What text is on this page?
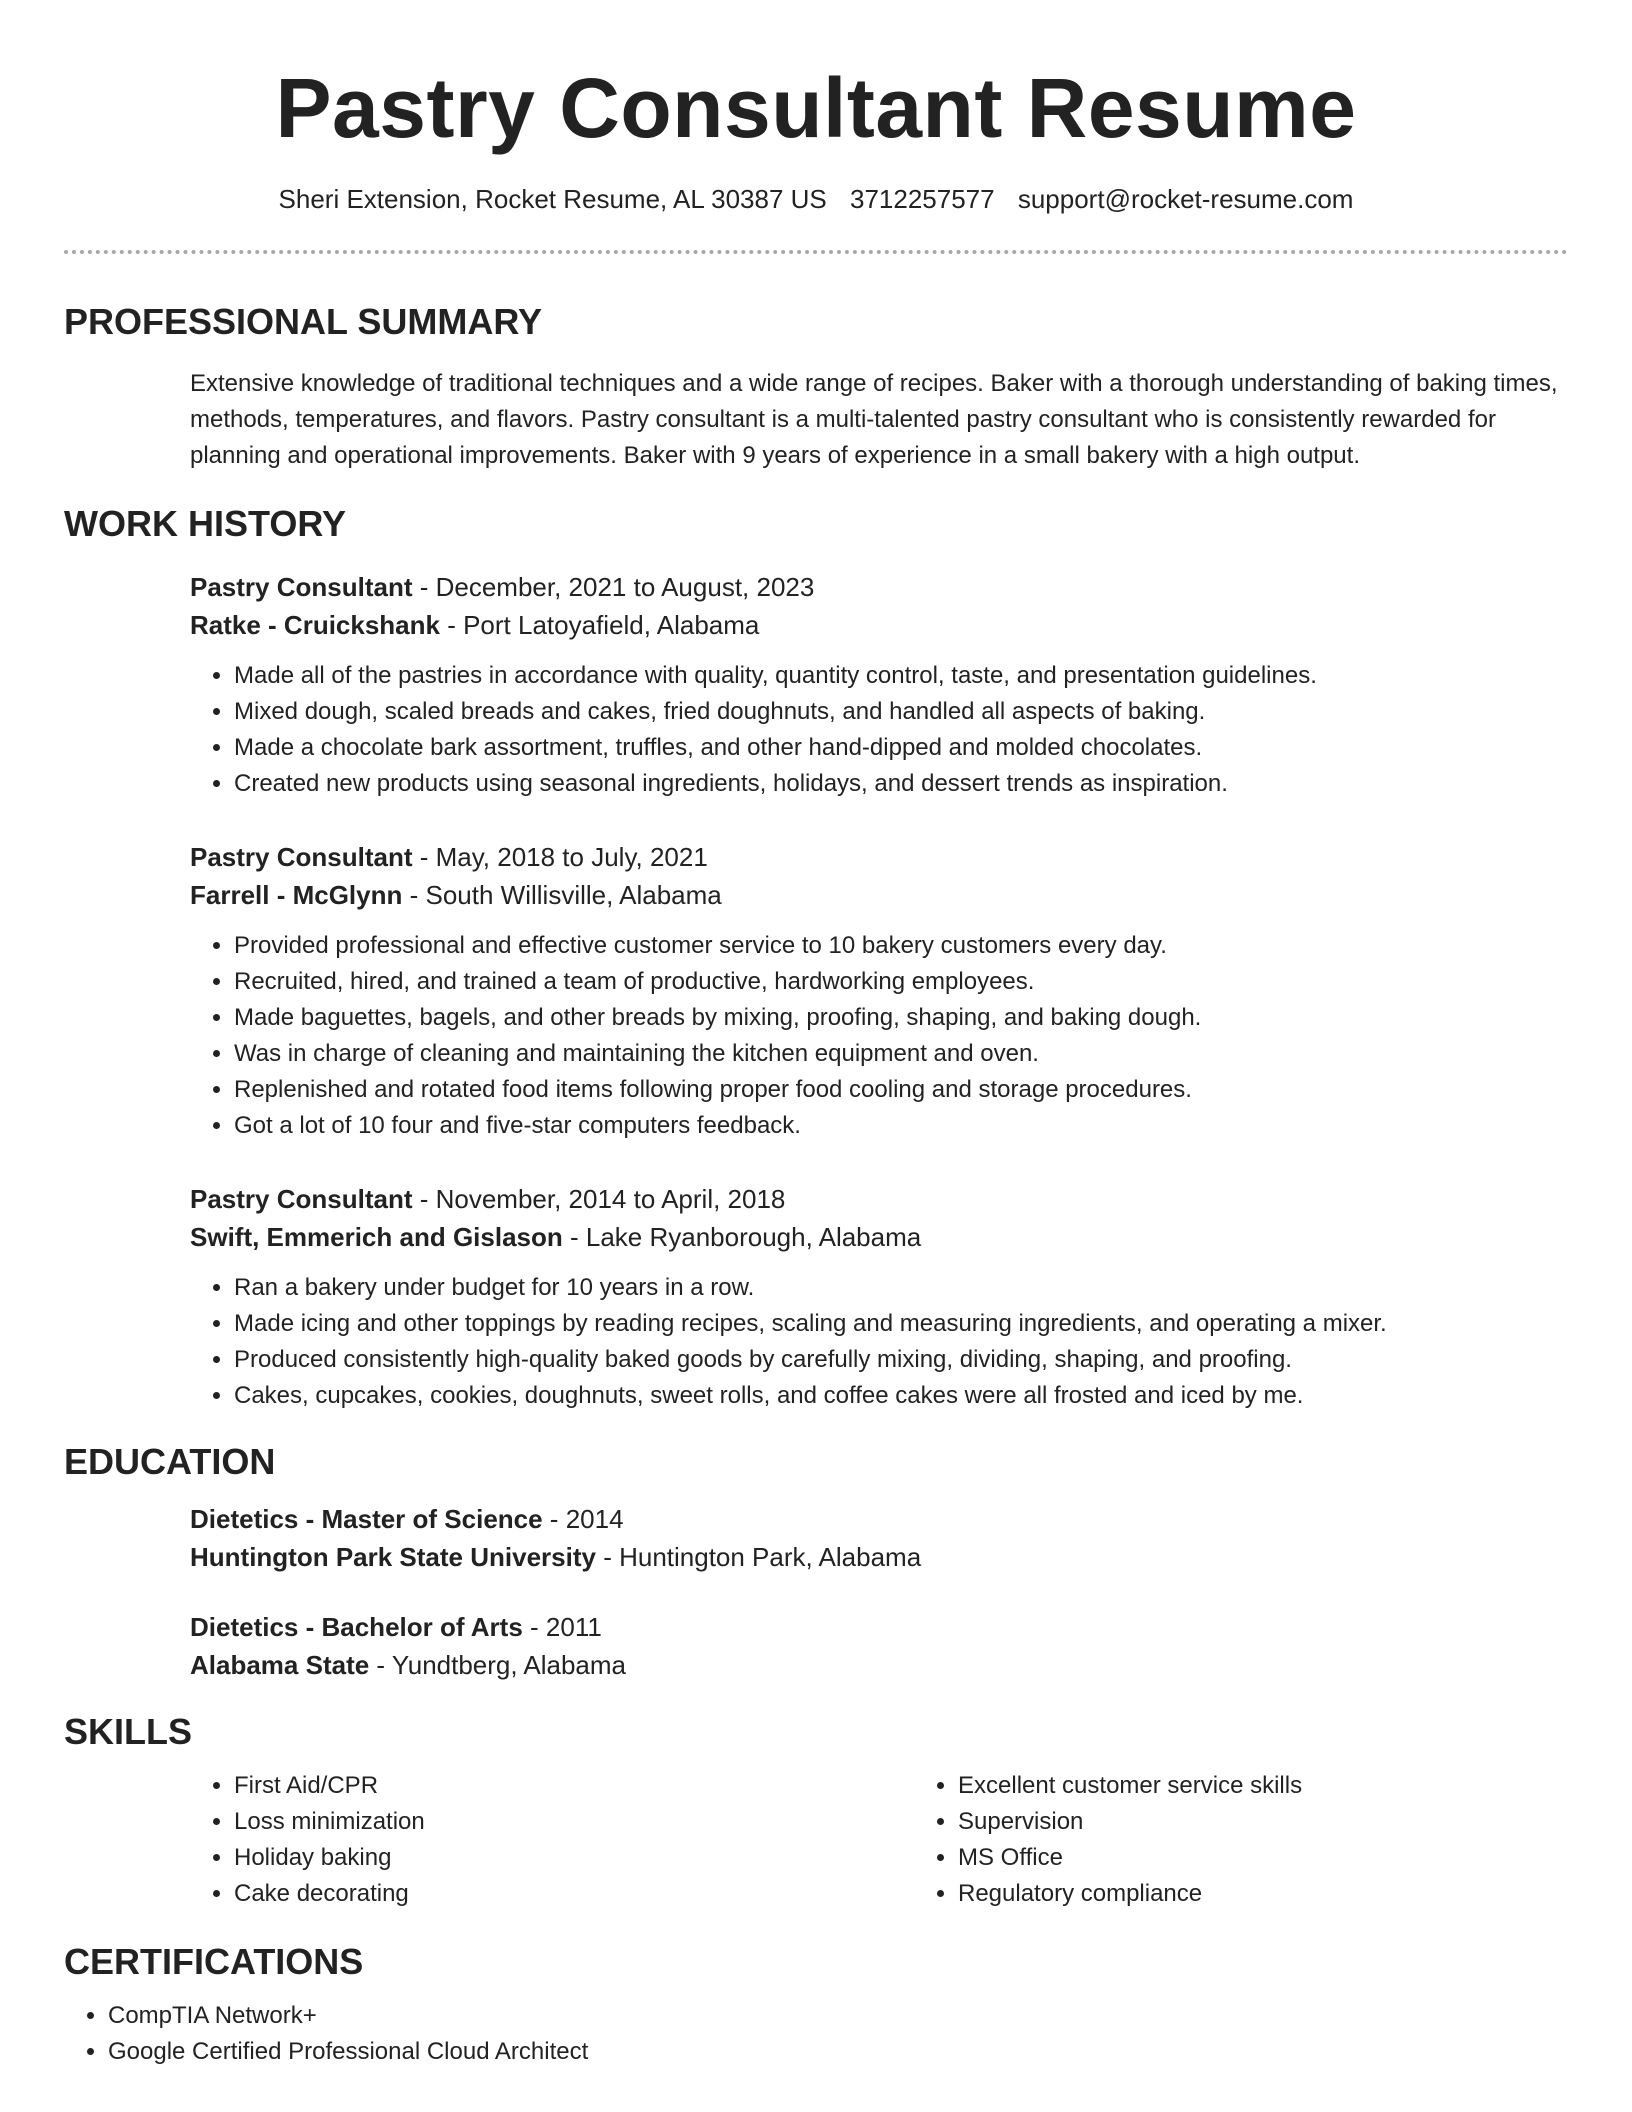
Pastry Consultant Resume
Sheri Extension, Rocket Resume, AL 30387 US 3712257577 support@rocket-resume.com
PROFESSIONAL SUMMARY

Extensive knowledge of traditional techniques and a wide range of recipes. Baker with a thorough understanding of baking times, methods, temperatures, and flavors. Pastry consultant is a multi-talented pastry consultant who is consistently rewarded for planning and operational improvements. Baker with 9 years of experience in a small bakery with a high output.

WORK HISTORY
Pastry Consultant - December, 2021 to August, 2023
Ratke - Cruickshank - Port Latoyafield, Alabama
• Made all of the pastries in accordance with quality, quantity control, taste, and presentation guidelines.
• Mixed dough, scaled breads and cakes, fried doughnuts, and handled all aspects of baking.
• Made a chocolate bark assortment, truffles, and other hand-dipped and molded chocolates.
• Created new products using seasonal ingredients, holidays, and dessert trends as inspiration.
Pastry Consultant - May, 2018 to July, 2021
Farrell - McGlynn - South Willisville, Alabama
• Provided professional and effective customer service to 10 bakery customers every day.
• Recruited, hired, and trained a team of productive, hardworking employees.
• Made baguettes, bagels, and other breads by mixing, proofing, shaping, and baking dough.
• Was in charge of cleaning and maintaining the kitchen equipment and oven.
• Replenished and rotated food items following proper food cooling and storage procedures.
• Got a lot of 10 four and five-star computers feedback.
Pastry Consultant - November, 2014 to April, 2018
Swift, Emmerich and Gislason - Lake Ryanborough, Alabama
• Ran a bakery under budget for 10 years in a row.
• Made icing and other toppings by reading recipes, scaling and measuring ingredients, and operating a mixer.
• Produced consistently high-quality baked goods by carefully mixing, dividing, shaping, and proofing.
• Cakes, cupcakes, cookies, doughnuts, sweet rolls, and coffee cakes were all frosted and iced by me.
EDUCATION
Dietetics - Master of Science - 2014
Huntington Park State University - Huntington Park, Alabama
Dietetics - Bachelor of Arts - 2011
Alabama State - Yundtberg, Alabama
SKILLS
• First Aid/CPR
• Loss minimization
• Holiday baking
• Cake decorating
• Excellent customer service skills
• Supervision
• MS Office
• Regulatory compliance
CERTIFICATIONS
• CompTIA Network+
• Google Certified Professional Cloud Architect
